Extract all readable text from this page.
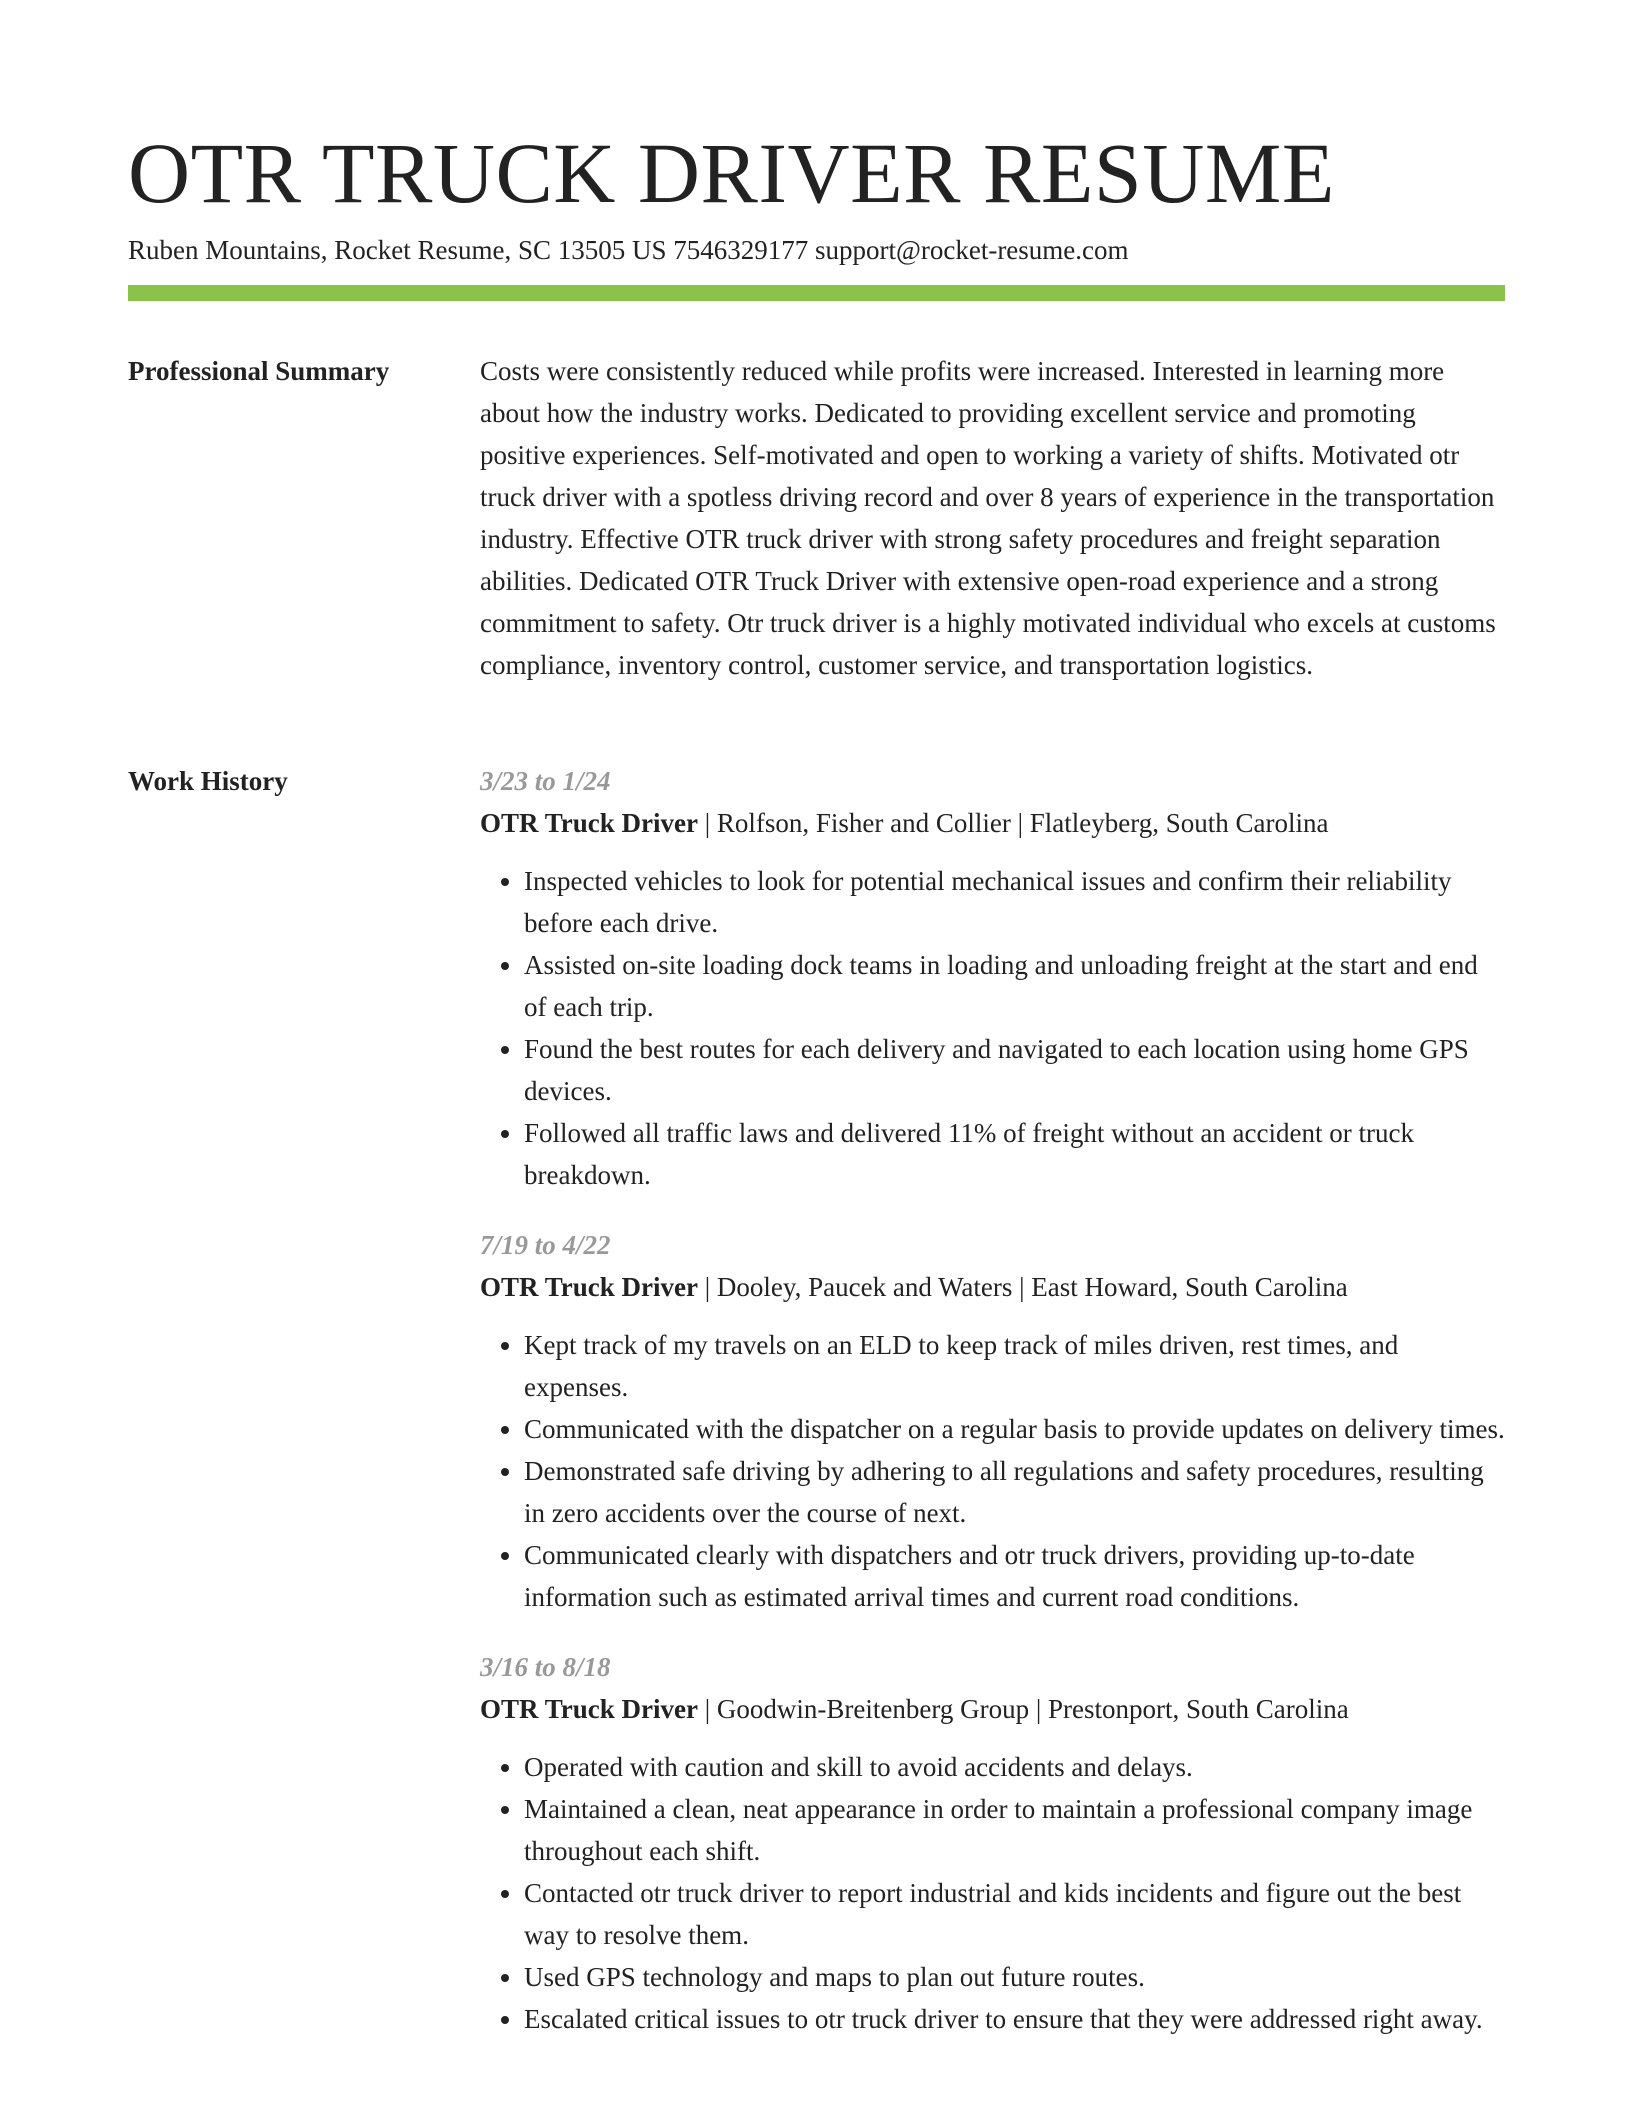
OTR TRUCK DRIVER RESUME
Ruben Mountains, Rocket Resume, SC 13505 US 7546329177 support@rocket-resume.com
Professional Summary	Costs were consistently reduced while profits were increased. Interested in learning more about how the industry works. Dedicated to providing excellent service and promoting positive experiences. Self-motivated and open to working a variety of shifts. Motivated otr truck driver with a spotless driving record and over 8 years of experience in the transportation industry. Effective OTR truck driver with strong safety procedures and freight separation abilities. Dedicated OTR Truck Driver with extensive open-road experience and a strong commitment to safety. Otr truck driver is a highly motivated individual who excels at customs compliance, inventory control, customer service, and transportation logistics.

Work History	3/23 to 1/24
OTR Truck Driver | Rolfson, Fisher and Collier | Flatleyberg, South Carolina
• Inspected vehicles to look for potential mechanical issues and confirm their reliability before each drive.
• Assisted on-site loading dock teams in loading and unloading freight at the start and end of each trip.
• Found the best routes for each delivery and navigated to each location using home GPS devices.
• Followed all traffic laws and delivered 11% of freight without an accident or truck breakdown.
7/19 to 4/22
OTR Truck Driver | Dooley, Paucek and Waters | East Howard, South Carolina
• Kept track of my travels on an ELD to keep track of miles driven, rest times, and expenses.
• Communicated with the dispatcher on a regular basis to provide updates on delivery times.
• Demonstrated safe driving by adhering to all regulations and safety procedures, resulting in zero accidents over the course of next.
• Communicated clearly with dispatchers and otr truck drivers, providing up-to-date information such as estimated arrival times and current road conditions.
3/16 to 8/18
OTR Truck Driver | Goodwin-Breitenberg Group | Prestonport, South Carolina
• Operated with caution and skill to avoid accidents and delays.
• Maintained a clean, neat appearance in order to maintain a professional company image throughout each shift.
• Contacted otr truck driver to report industrial and kids incidents and figure out the best way to resolve them.
• Used GPS technology and maps to plan out future routes.
• Escalated critical issues to otr truck driver to ensure that they were addressed right away.
